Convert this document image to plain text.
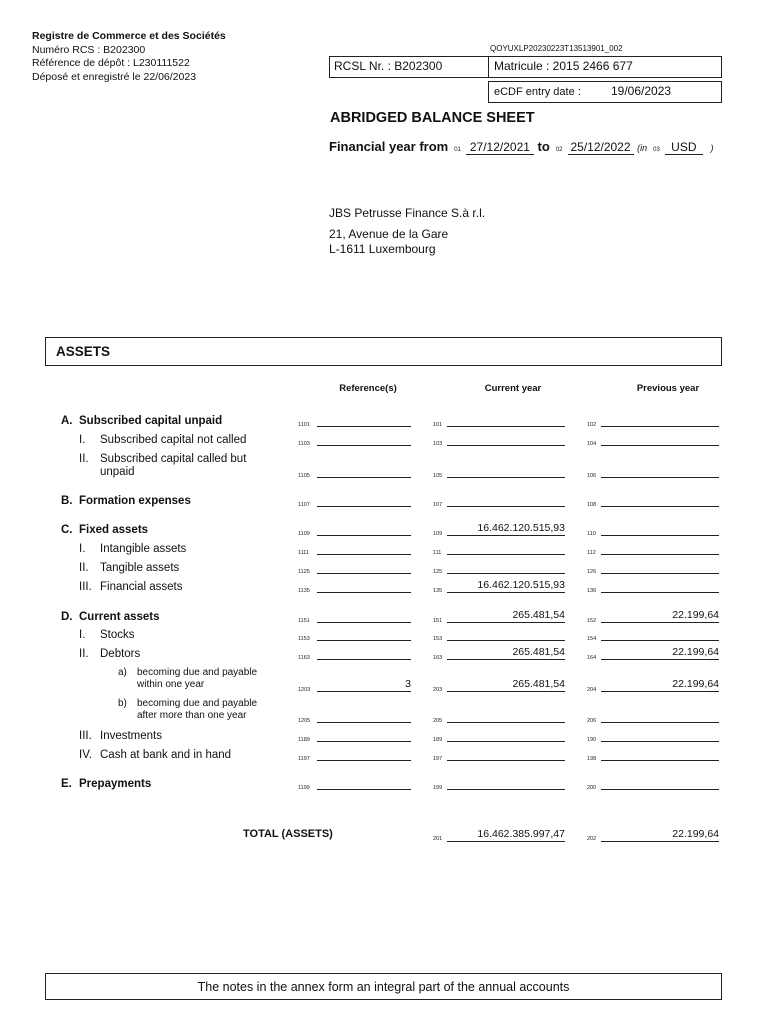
Registre de Commerce et des Sociétés
Numéro RCS : B202300
Référence de dépôt : L230111522
Déposé et enregistré le 22/06/2023
QOYUXLP20230223T13513901_002
RCSL Nr. : B202300	Matricule : 2015 2466 677
eCDF entry date :	19/06/2023
ABRIDGED BALANCE SHEET
Financial year from 01 27/12/2021 to 02 25/12/2022 (in 03 USD )
JBS Petrusse Finance S.à r.l.
21, Avenue de la Gare
L-1611 Luxembourg
ASSETS
Reference(s)	Current year	Previous year
A. Subscribed capital unpaid	1101	101	102
I. Subscribed capital not called	1103	103	104
II. Subscribed capital called but
unpaid	1105	105	106
B. Formation expenses	1107	107	108
C. Fixed assets	1109	109	16.462.120.515,93	110
I. Intangible assets	1111	111	112
II. Tangible assets	1125	125	126
III. Financial assets	1135	135	16.462.120.515,93	136
D. Current assets	1151	151	265.481,54	152	22.199,64
I. Stocks	1153	153	154
II. Debtors	1163	163	265.481,54	164	22.199,64
a) becoming due and payable
within one year	1203	3	203	265.481,54	204	22.199,64
b) becoming due and payable
after more than one year	1205	205	206
III. Investments	1189	189	190
IV. Cash at bank and in hand	1197	197	198
E. Prepayments	1199	199	200
TOTAL (ASSETS)	201	16.462.385.997,47	202	22.199,64
The notes in the annex form an integral part of the annual accounts
